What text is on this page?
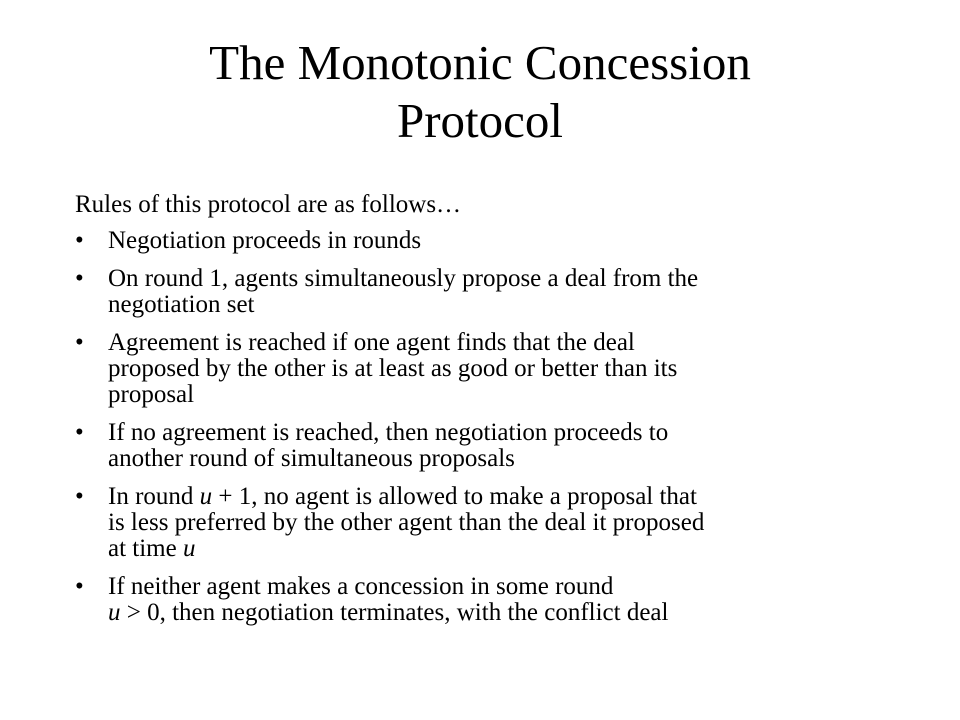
The Monotonic Concession
Protocol
Rules of this protocol are as follows…
• Negotiation proceeds in rounds
• On round 1, agents simultaneously propose a deal from the
negotiation set
• Agreement is reached if one agent finds that the deal
proposed by the other is at least as good or better than its
proposal
• If no agreement is reached, then negotiation proceeds to
another round of simultaneous proposals
• In round u + 1, no agent is allowed to make a proposal that
is less preferred by the other agent than the deal it proposed
at time u
• If neither agent makes a concession in some round
u > 0, then negotiation terminates, with the conflict deal
